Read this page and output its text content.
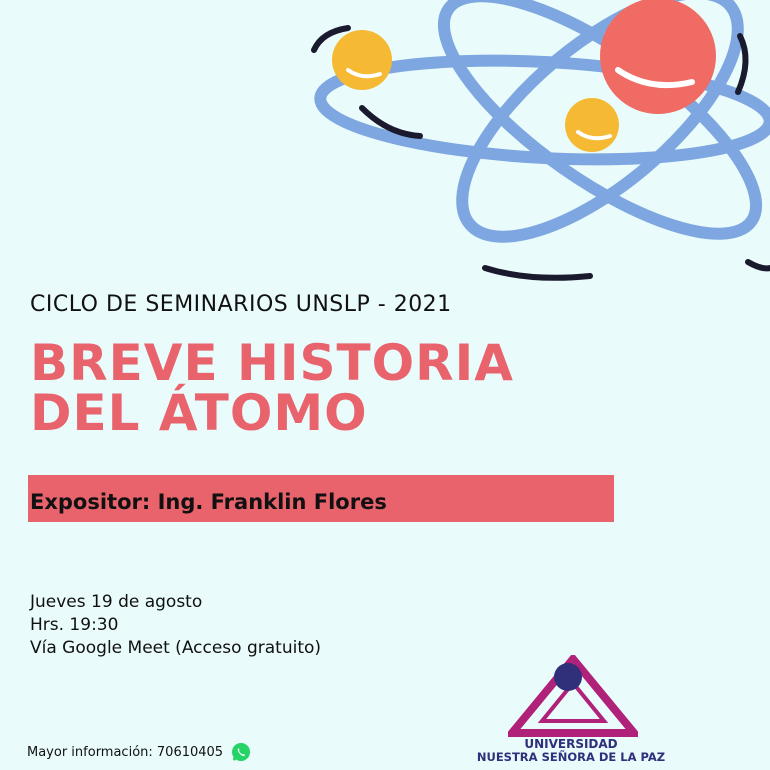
CICLO DE SEMINARIOS UNSLP - 2021
BREVE HISTORIA
DEL ÁTOMO
Expositor: Ing. Franklin Flores
Jueves 19 de agosto
Hrs. 19:30
Vía Google Meet (Acceso gratuito)
Mayor información: 70610405
UNIVERSIDAD
NUESTRA SEÑORA DE LA PAZ
